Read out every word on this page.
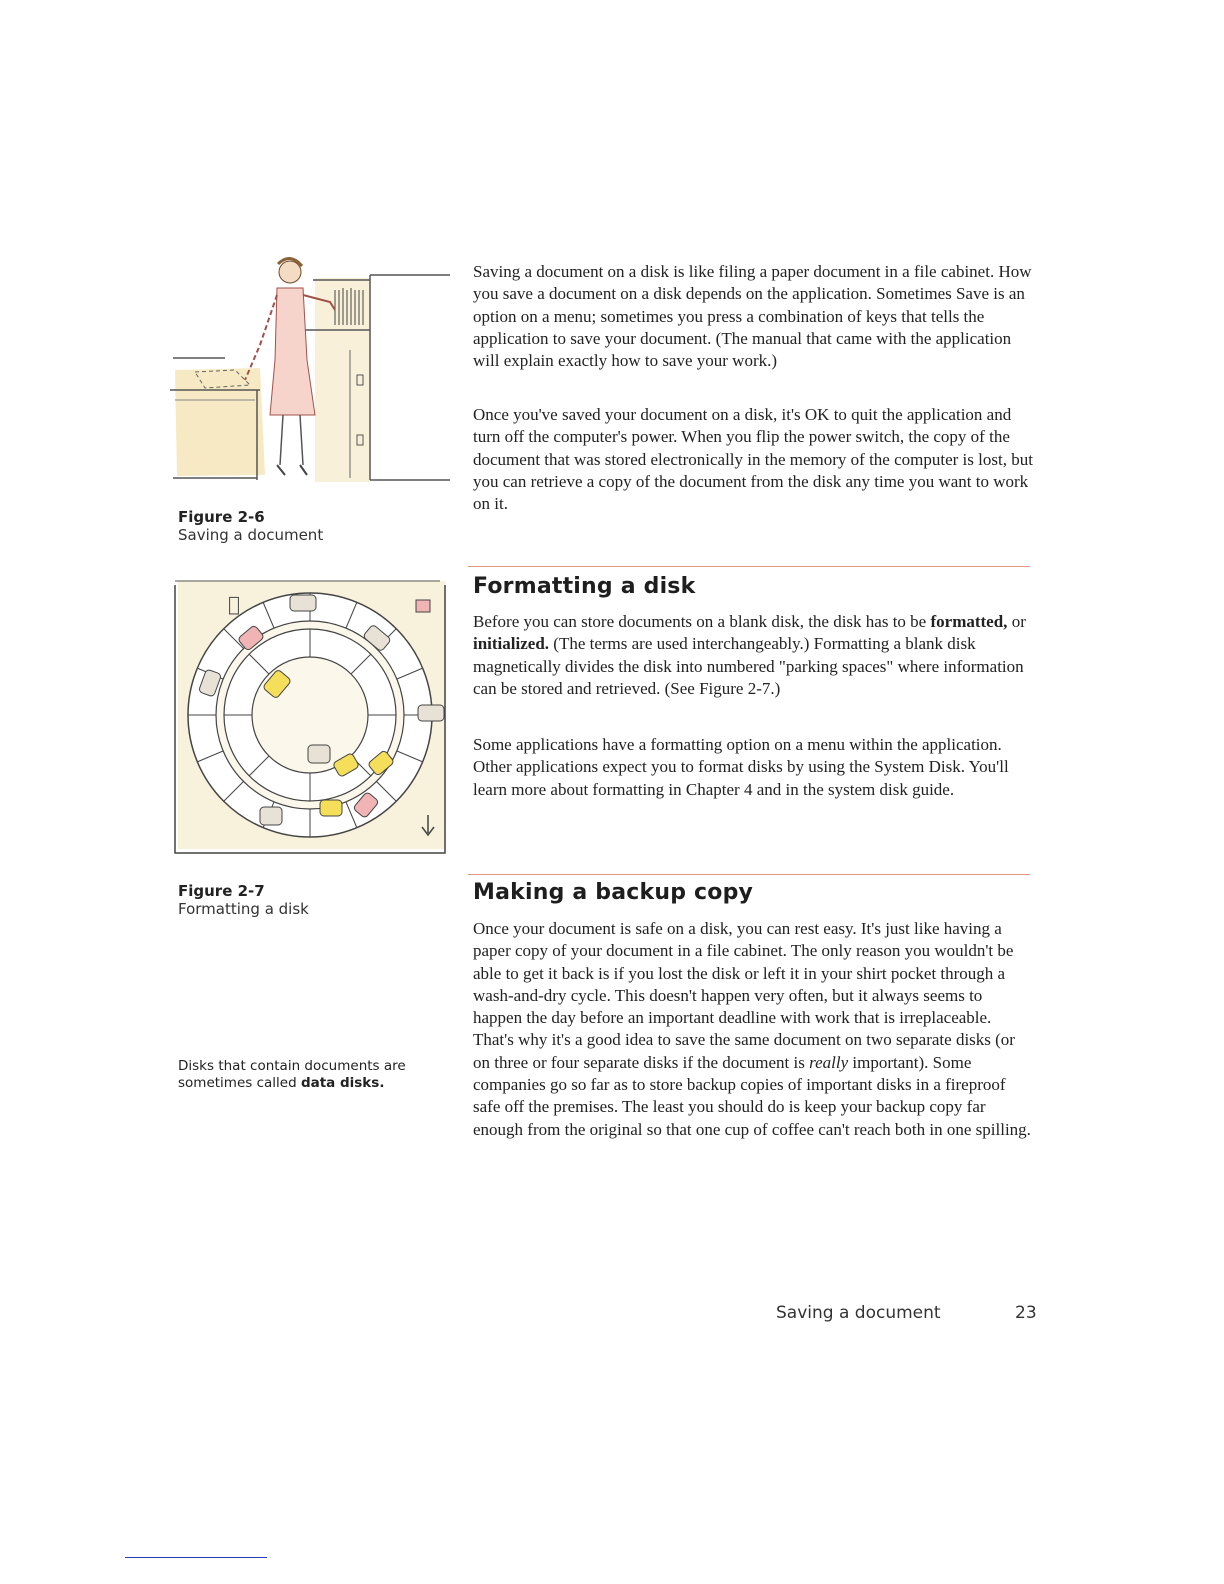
Figure 2-6
Saving a document

Saving a document on a disk is like filing a paper document in a file cabinet. How you save a document on a disk depends on the application. Sometimes Save is an option on a menu; sometimes you press a combination of keys that tells the application to save your document. (The manual that came with the application will explain exactly how to save your work.)

Once you've saved your document on a disk, it's OK to quit the application and turn off the computer's power. When you flip the power switch, the copy of the document that was stored electronically in the memory of the computer is lost, but you can retrieve a copy of the document from the disk any time you want to work on it.

Figure 2-7
Formatting a disk
Formatting a disk

Before you can store documents on a blank disk, the disk has to be formatted, or initialized. (The terms are used interchangeably.) Formatting a blank disk magnetically divides the disk into numbered "parking spaces" where information can be stored and retrieved. (See Figure 2-7.)

Some applications have a formatting option on a menu within the application. Other applications expect you to format disks by using the System Disk. You'll learn more about formatting in Chapter 4 and in the system disk guide.

Making a backup copy

Once your document is safe on a disk, you can rest easy. It's just like having a paper copy of your document in a file cabinet. The only reason you wouldn't be able to get it back is if you lost the disk or left it in your shirt pocket through a wash-and-dry cycle. This doesn't happen very often, but it always seems to happen the day before an important deadline with work that is irreplaceable. That's why it's a good idea to save the same document on two separate disks (or on three or four separate disks if the document is really important). Some companies go so far as to store backup copies of important disks in a fireproof safe off the premises. The least you should do is keep your backup copy far enough from the original so that one cup of coffee can't reach both in one spilling.

Disks that contain documents are sometimes called data disks.

Saving a document	23
